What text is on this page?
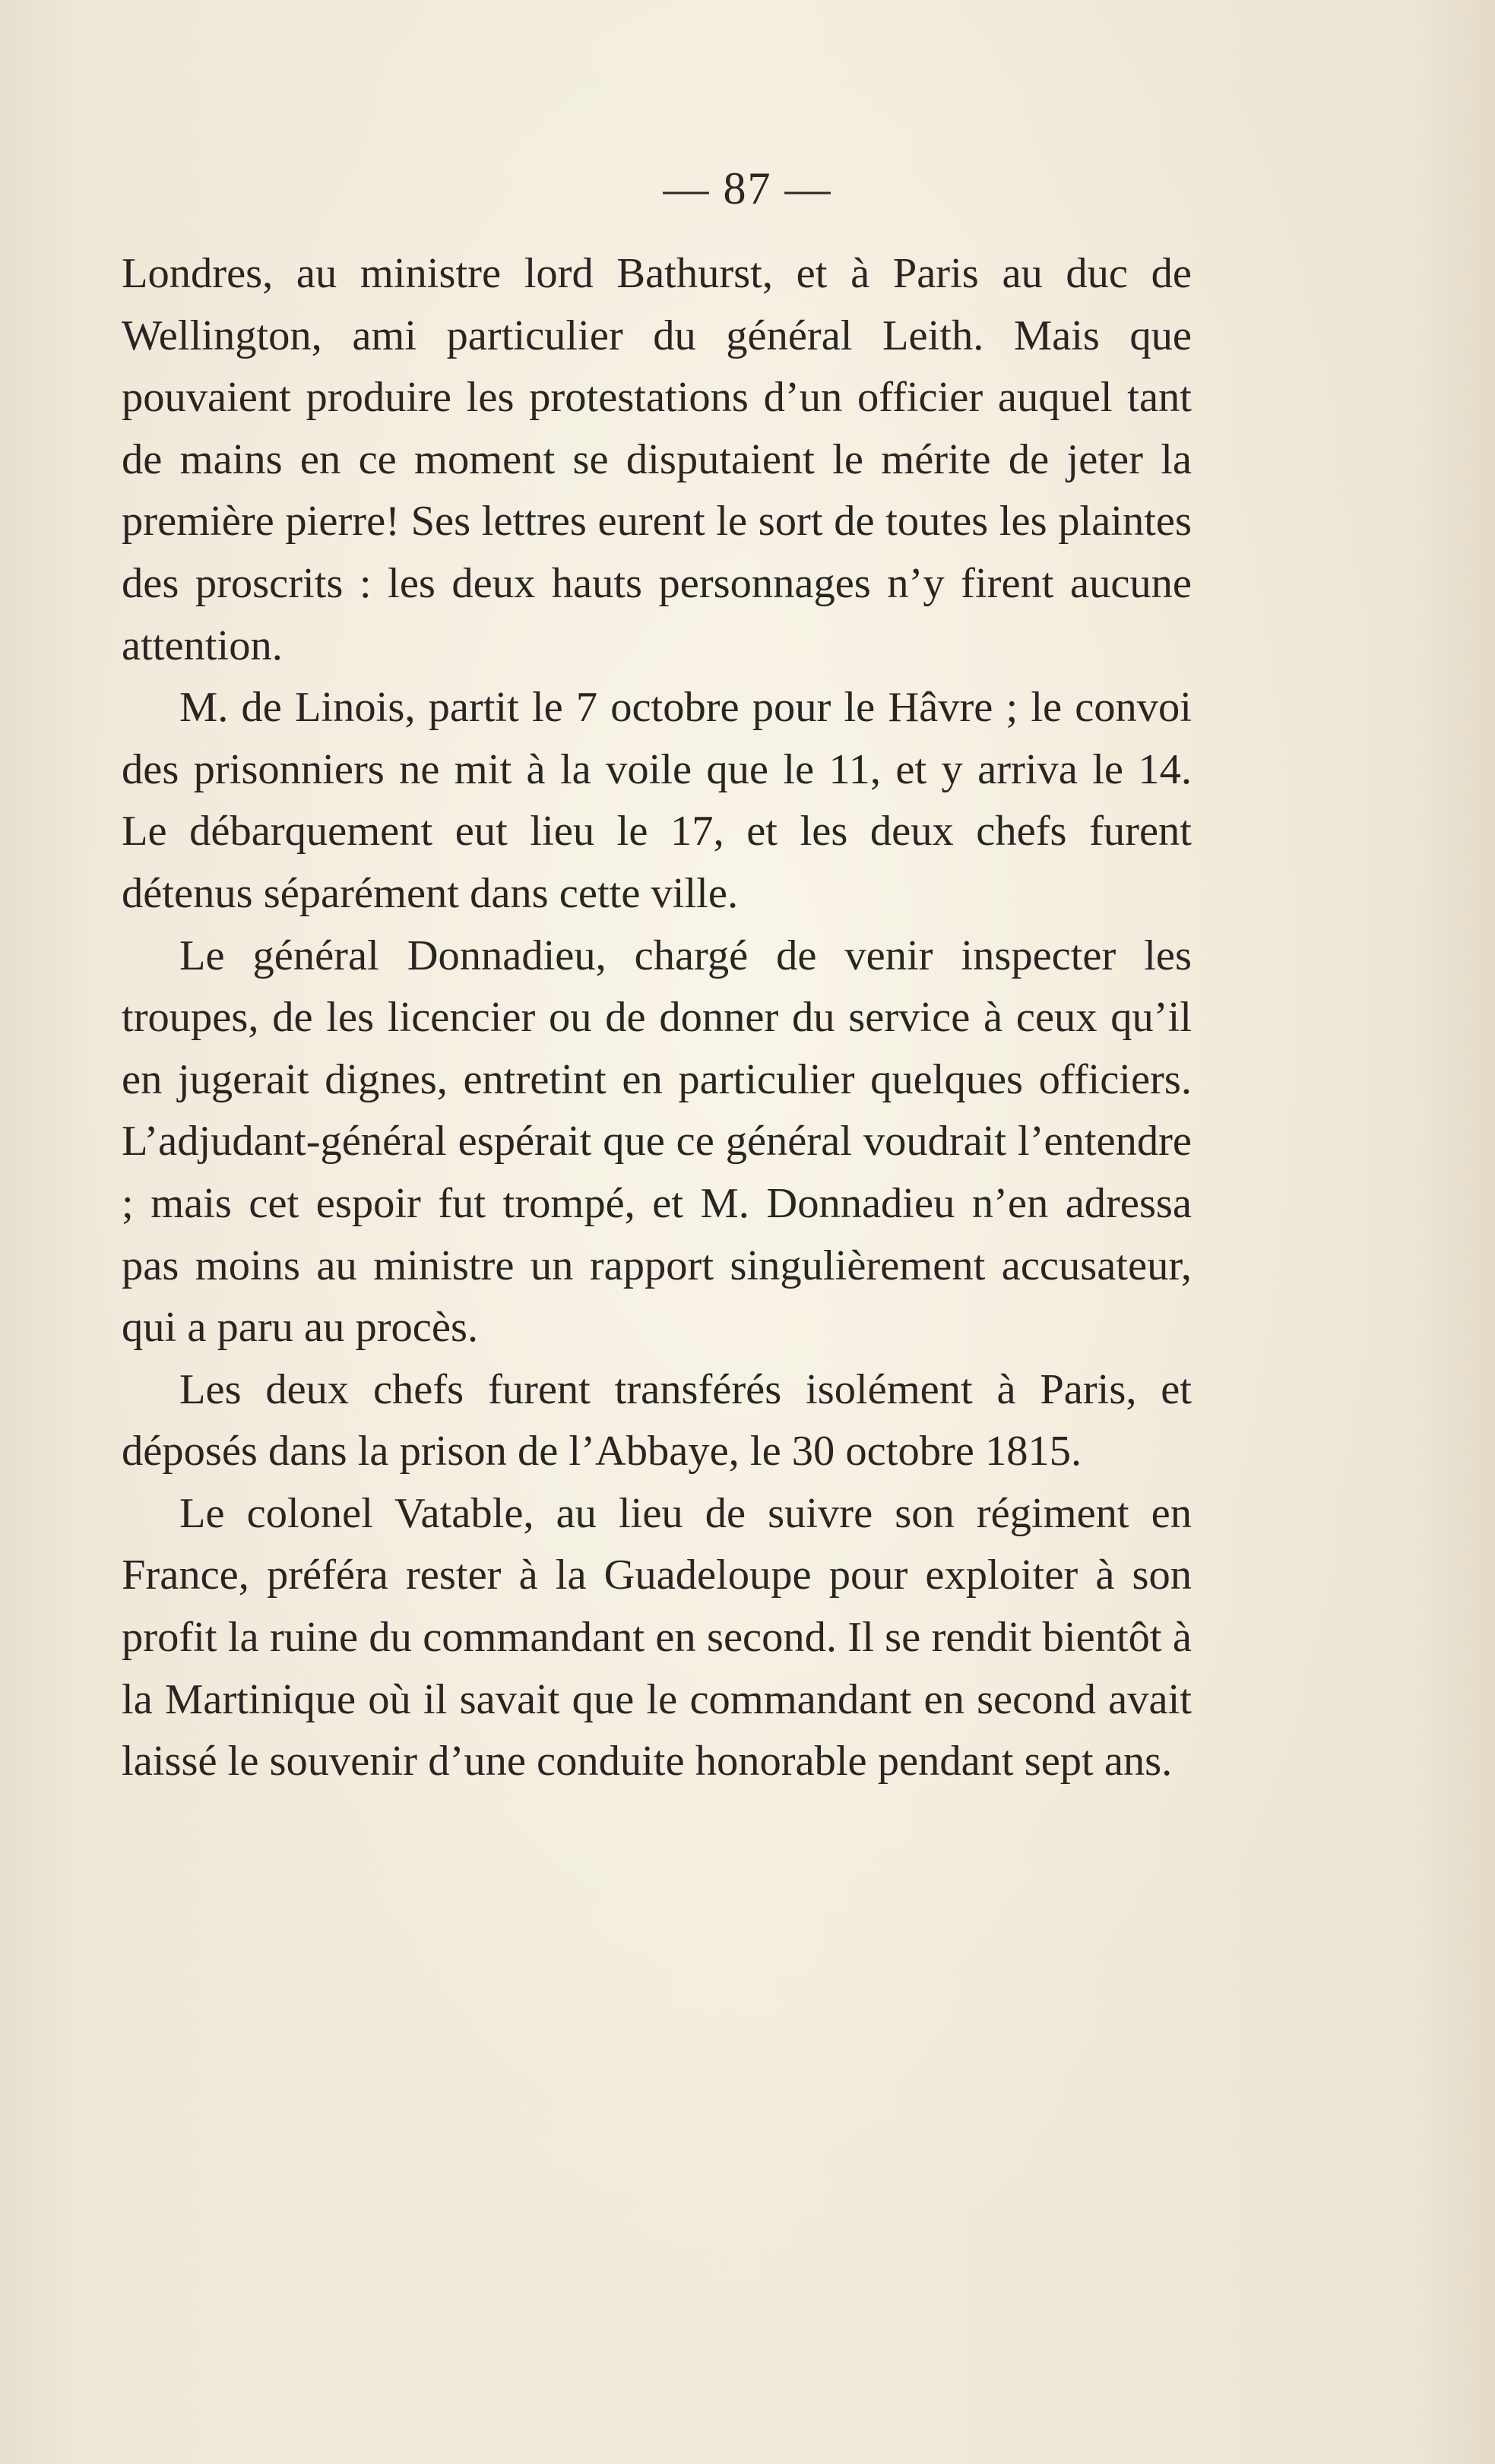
— 87 —

Londres, au ministre lord Bathurst, et à Paris au duc de Wellington, ami particulier du général Leith. Mais que pouvaient produire les protestations d’un officier auquel tant de mains en ce moment se disputaient le mérite de jeter la première pierre! Ses lettres eurent le sort de toutes les plaintes des proscrits : les deux hauts personnages n’y firent aucune attention.

M. de Linois, partit le 7 octobre pour le Hâvre ; le convoi des prisonniers ne mit à la voile que le 11, et y arriva le 14. Le débarquement eut lieu le 17, et les deux chefs furent détenus séparément dans cette ville.

Le général Donnadieu, chargé de venir inspecter les troupes, de les licencier ou de donner du service à ceux qu’il en jugerait dignes, entretint en particulier quelques officiers. L’adjudant-général espérait que ce général voudrait l’entendre ; mais cet espoir fut trompé, et M. Donnadieu n’en adressa pas moins au ministre un rapport singulièrement accusateur, qui a paru au procès.

Les deux chefs furent transférés isolément à Paris, et déposés dans la prison de l’Abbaye, le 30 octobre 1815.

Le colonel Vatable, au lieu de suivre son régiment en France, préféra rester à la Guadeloupe pour exploiter à son profit la ruine du commandant en second. Il se rendit bientôt à la Martinique où il savait que le commandant en second avait laissé le souvenir d’une conduite honorable pendant sept ans.
